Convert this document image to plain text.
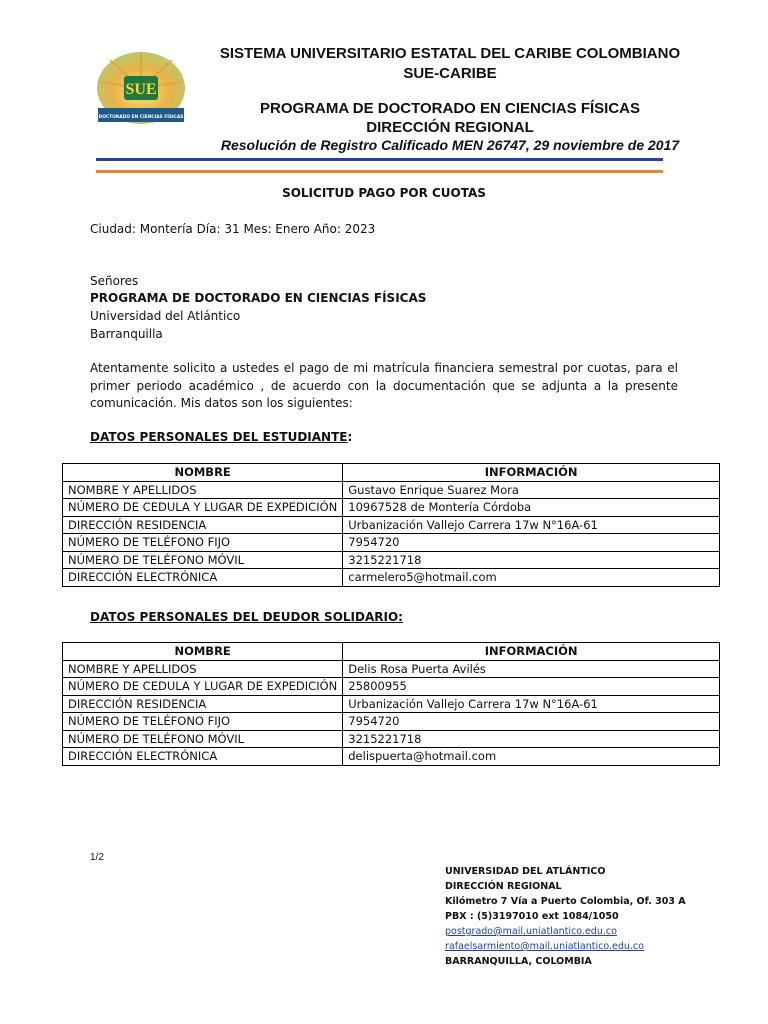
SUE
DOCTORADO EN CIENCIAS FÍSICAS
SISTEMA UNIVERSITARIO ESTATAL DEL CARIBE COLOMBIANO
SUE-CARIBE
PROGRAMA DE DOCTORADO EN CIENCIAS FÍSICAS
DIRECCIÓN REGIONAL
Resolución de Registro Calificado MEN 26747, 29 noviembre de 2017
SOLICITUD PAGO POR CUOTAS
Ciudad: Montería Día: 31 Mes: Enero Año: 2023
Señores
PROGRAMA DE DOCTORADO EN CIENCIAS FÍSICAS
Universidad del Atlántico
Barranquilla
Atentamente solicito a ustedes el pago de mi matrícula financiera semestral por cuotas, para el primer periodo académico , de acuerdo con la documentación que se adjunta a la presente comunicación. Mis datos son los siguientes:
DATOS PERSONALES DEL ESTUDIANTE:
NOMBRE	INFORMACIÓN
NOMBRE Y APELLIDOS	Gustavo Enrique Suarez Mora
NÚMERO DE CEDULA Y LUGAR DE EXPEDICIÓN	10967528 de Montería Córdoba
DIRECCIÓN RESIDENCIA	Urbanización Vallejo Carrera 17w N°16A-61
NÚMERO DE TELÉFONO FIJO	7954720
NÚMERO DE TELÉFONO MÓVIL	3215221718
DIRECCIÓN ELECTRÓNICA	carmelero5@hotmail.com
DATOS PERSONALES DEL DEUDOR SOLIDARIO:
NOMBRE	INFORMACIÓN
NOMBRE Y APELLIDOS	Delis Rosa Puerta Avilés
NÚMERO DE CEDULA Y LUGAR DE EXPEDICIÓN	25800955
DIRECCIÓN RESIDENCIA	Urbanización Vallejo Carrera 17w N°16A-61
NÚMERO DE TELÉFONO FIJO	7954720
NÚMERO DE TELÉFONO MÓVIL	3215221718
DIRECCIÓN ELECTRÓNICA	delispuerta@hotmail.com
1/2
UNIVERSIDAD DEL ATLÁNTICO
DIRECCIÓN REGIONAL
Kilómetro 7 Vía a Puerto Colombia, Of. 303 A
PBX : (5)3197010 ext 1084/1050
postgrado@mail.uniatlantico.edu.co
rafaelsarmiento@mail.uniatlantico.edu.co
BARRANQUILLA, COLOMBIA
